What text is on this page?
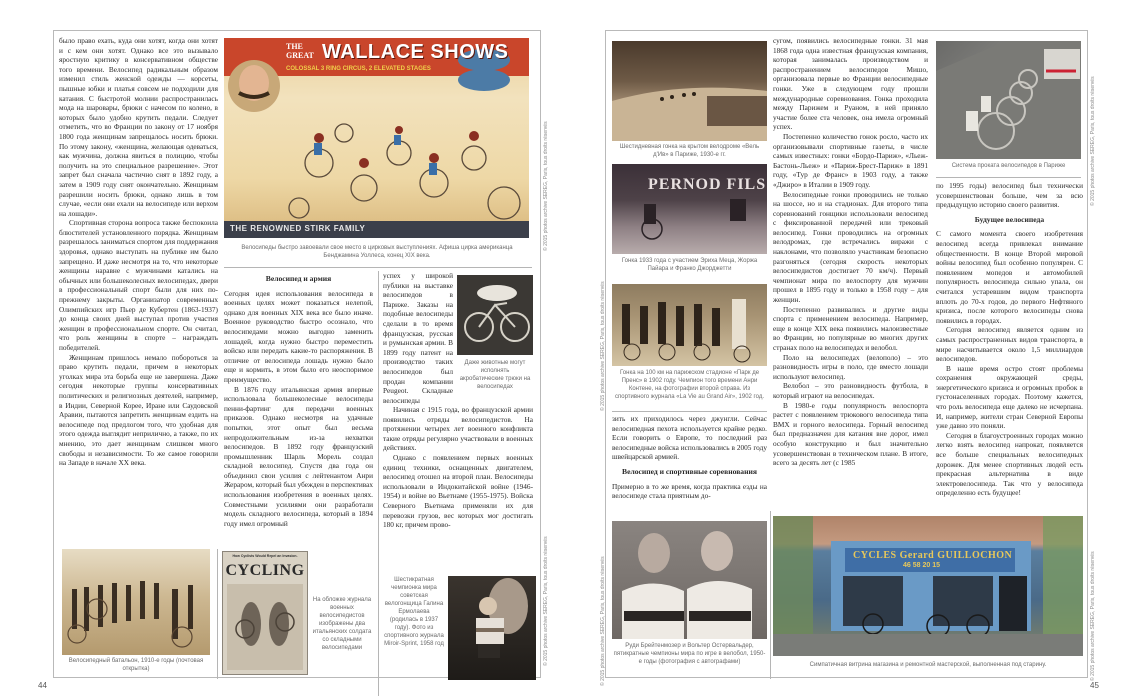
было право ехать, куда они хотят, когда они хотят и с кем они хотят. Однако все это вызывало яростную критику в консервативном обществе того времени. Велосипед радикальным образом изменил стиль женской одежды — корсеты, пышные юбки и платья совсем не подходили для катания. С быстротой молнии распространилась мода на шаровары, брюки с начесом по колено, в которых было удобно крутить педали. Следует отметить, что во Франции по закону от 17 ноября 1800 года женщинам запрещалось носить брюки. По этому закону, «женщина, желающая одеваться, как мужчина, должна явиться в полицию, чтобы получить на это специальное разрешение». Этот запрет был сначала частично снят в 1892 году, а затем в 1909 году снят окончательно. Женщинам разрешили носить брюки, однако лишь в том случае, «если они ехали на велосипеде или верхом на лошади».

Спортивная сторона вопроса также беспокоила блюстителей установленного порядка. Женщинам разрешалось заниматься спортом для поддержания здоровья, однако выступать на публике им было запрещено. И даже несмотря на то, что некоторые женщины наравне с мужчинами катались на обычных или большеколесных велосипедах, двери в профессиональный спорт были для них по-прежнему закрыты. Организатор современных Олимпийских игр Пьер де Кубертен (1863-1937) до конца своих дней выступал против участия женщин в профессиональном спорте. Он считал, что роль женщины в спорте – награждать победителей.

Женщинам пришлось немало побороться за право крутить педали, причем в некоторых уголках мира эта борьба еще не завершена. Даже сегодня некоторые группы консервативных политических и религиозных деятелей, например, в Индии, Северной Корее, Иране или Саудовской Аравии, пытаются запретить женщинам ездить на велосипеде под предлогом того, что удобная для этого одежда выглядит неприлично, а также, по их мнению, это дает женщинам слишком много свободы и независимости. То же самое говорили на Западе в начале XX века.

THE GREAT WALLACE SHOWS
COLOSSAL 3 RING CIRCUS, 2 ELEVATED STAGES
THE RENOWNED STIRK FAMILY
Велосипеды быстро завоевали свое место в цирковых выступлениях. Афиша цирка американца Бенджамина Уоллеса, конец XIX века.
Велосипед и армия

Сегодня идея использования велосипеда в военных целях может показаться нелепой, однако для военных XIX века все было иначе. Военное руководство быстро осознало, что велосипедами можно выгодно заменить лошадей, когда нужно быстро переместить войско или передать какие-то распоряжения. В отличие от велосипеда лошадь нужно было еще и кормить, в этом было его неоспоримое преимущество.

В 1876 году итальянская армия впервые использовала большеколесные велосипеды пенни-фартинг для передачи военных приказов. Однако несмотря на удачные попытки, этот опыт был весьма непродолжительным из-за нехватки велосипедов. В 1892 году французский промышленник Шарль Морель создал складной велосипед. Спустя два года он объединил свои усилия с лейтенантом Анри Жераром, который был убежден в перспективах использования изобретения в военных целях. Совместными усилиями они разработали модель складного велосипеда, который в 1894 году имел огромный

успех у широкой публики на выставке велосипедов в Париже. Заказы на подобные велосипеды сделали в то время французская, русская и румынская армии. В 1899 году патент на производство таких велосипедов был продан компании Peugeot. Складные велосипеды

Даже животные могут исполнять акробатические трюки на велосипедах

Начиная с 1915 года, во французской армии появились отряды велосипедистов. На протяжении четырех лет военного конфликта такие отряды регулярно участвовали в военных действиях.

Однако с появлением первых военных единиц техники, оснащенных двигателем, велосипед отошел на второй план. Велосипеды использовали в Индокитайской войне (1946-1954) и войне во Вьетнаме (1955-1975). Войска Северного Вьетнама применяли их для перевозки грузов, вес которых мог достигать 180 кг, причем прово-

Велосипедный батальон, 1910-е годы (почтовая открытка)
How Cyclists Would Repel an Invasion.
CYCLING
На обложке журнала военных велосипедистов изображены два итальянских солдата со складными велосипедами
Шестикратная чемпионка мира советская велогонщица Галина Ермолаева (родилась в 1937 году). Фото из спортивного журнала Miroir-Sprint, 1958 год
© 2015 photos archive SEREG, Paris, tous droits réservés
© 2015 photos archive SEREG, Paris, tous droits réservés
44
Шестидневная гонка на крытом велодроме «Вель д'Ив» в Париже, 1930-е гг.
PERNOD FILS
Гонка 1933 года с участием Эриха Меца, Жоржа Пайара и Франко Джорджетти
Гонка на 100 км на парижском стадионе «Парк де Пренс» в 1902 году. Чемпион того времени Анри Контене, на фотографии второй справа. Из спортивного журнала «La Vie au Grand Air», 1902 год.

зить их приходилось через джунгли. Сейчас велосипедная пехота используется крайне редко. Если говорить о Европе, то последний раз велосипедные войска использовались в 2005 году швейцарской армией.

Велосипед и спортивные соревнования

Примерно в то же время, когда практика езды на велосипеде стала приятным до-

Руди Брейтенмозер и Вольтер Остервальдер, пятикратные чемпионы мира по игре в велобол, 1950-е годы (фотография с автографами)

сугом, появились велосипедные гонки. 31 мая 1868 года одна известная французская компания, которая занималась производством и распространением велосипедов Мишо, организовала первые во Франции велосипедные гонки. Уже в следующем году прошли международные соревнования. Гонка проходила между Парижем и Руаном, в ней приняло участие более ста человек, она имела огромный успех.

Постепенно количество гонок росло, часто их организовывали спортивные газеты, в числе самых известных: гонки «Бордо-Париж», «Льеж-Бастонь-Льеж» и «Париж-Брест-Париж» в 1891 году, «Тур де Франс» в 1903 году, а также «Джиро» в Италии в 1909 году.

Велосипедные гонки проводились не только на шоссе, но и на стадионах. Для второго типа соревнований гонщики использовали велосипед с фиксированной передачей или трековый велосипед. Гонки проводились на огромных велодромах, где встречались виражи с наклонами, что позволяло участникам безопасно разгоняться (сегодня скорость некоторых велосипедистов достигает 70 км/ч). Первый чемпионат мира по велоспорту для мужчин прошел в 1895 году и только в 1958 году – для женщин.

Постепенно развивались и другие виды спорта с применением велосипеда. Например, еще в конце XIX века появились малоизвестные во Франции, но популярные во многих других странах поло на велосипедах и велобол.

Поло на велосипедах (велополо) – это разновидность игры в поло, где вместо лошади используют велосипед.

Велобол – это разновидность футбола, в который играют на велосипедах.

В 1980-е годы популярность велоспорта растет с появлением трюкового велосипеда типа BMX и горного велосипеда. Горный велосипед был предназначен для катания вне дорог, имел особую конструкцию и был значительно усовершенствован в техническом плане. В итоге, всего за десять лет (с 1985

Система проката велосипедов в Париже

по 1995 годы) велосипед был технически усовершенствован больше, чем за всю предыдущую историю своего развития.

Будущее велосипеда

С самого момента своего изобретения велосипед всегда привлекал внимание общественности. В конце Второй мировой войны велосипед был особенно популярен. С появлением мопедов и автомобилей популярность велосипеда сильно упала, он считался устаревшим видом транспорта вплоть до 70-х годов, до первого Нефтяного кризиса, после которого велосипеды снова появились в городах.

Сегодня велосипед является одним из самых распространенных видов транспорта, в мире насчитывается около 1,5 миллиардов велосипедов.

В наше время остро стоят проблемы сохранения окружающей среды, энергетического кризиса и огромных пробок в густонаселенных городах. Поэтому кажется, что роль велосипеда еще далеко не исчерпана. И, например, жители стран Северной Европы уже давно это поняли.

Сегодня в благоустроенных городах можно легко взять велосипед напрокат, появляется все больше специальных велосипедных дорожек. Для менее спортивных людей есть прекрасная альтернатива в виде электровелосипеда. Так что у велосипеда определенно есть будущее!

CYCLES Gerard GUILLOCHON
46 58 20 15
Симпатичная витрина магазина и ремонтной мастерской, выполненная под старину.
© 2015 photos archive SEREG, Paris, tous droits réservés
© 2015 photos archive SEREG, Paris, tous droits réservés
© 2015 photos archive SEREG, Paris, tous droits réservés
© 2015 photos archive SEREG, Paris, tous droits réservés
45
